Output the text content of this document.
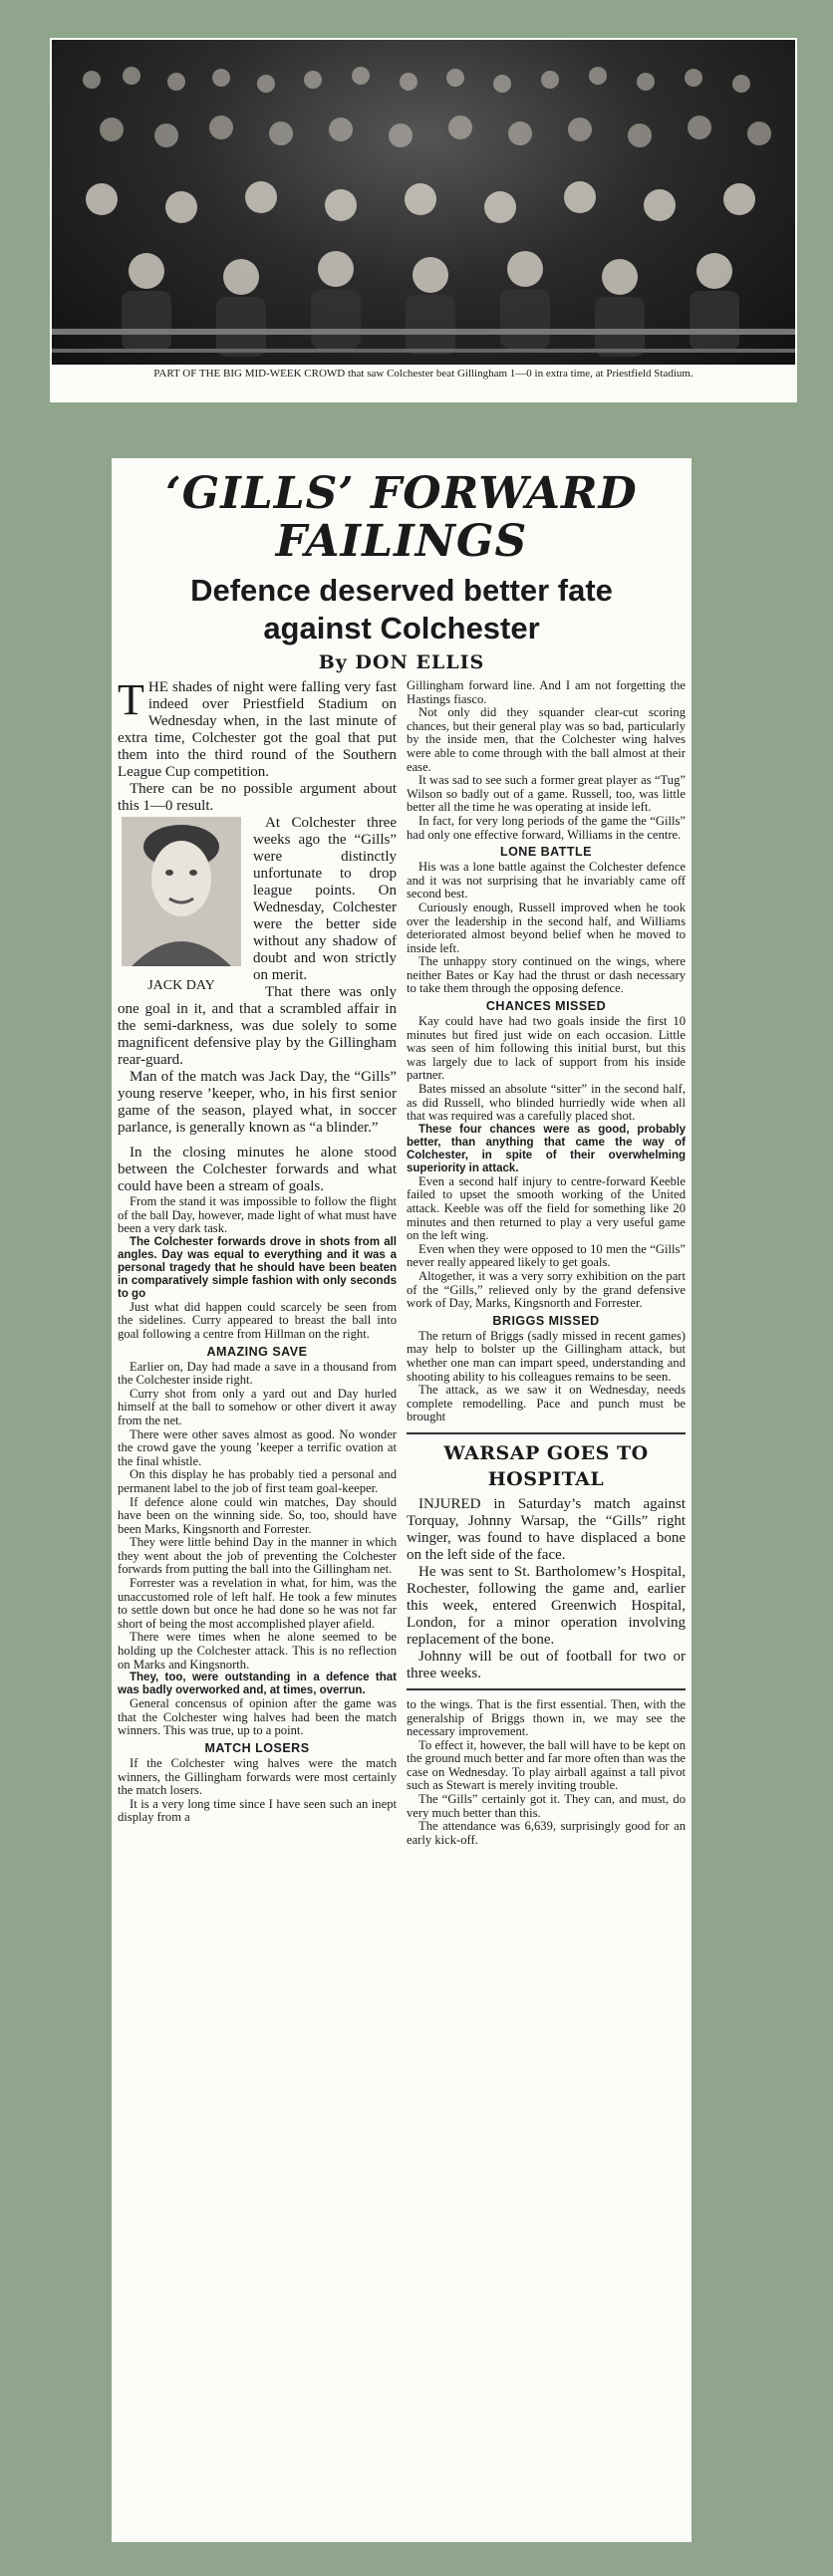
PART OF THE BIG MID-WEEK CROWD that saw Colchester beat Gillingham 1—0 in extra time, at Priestfield Stadium.
‘GILLS’ FORWARD
FAILINGS
Defence deserved better fate
against Colchester
By DON ELLIS

THE shades of night were falling very fast indeed over Priestfield Stadium on Wednesday when, in the last minute of extra time, Colchester got the goal that put them into the third round of the Southern League Cup competition.

There can be no possible argument about this 1—0 result.

JACK DAY

At Colchester three weeks ago the “Gills” were distinctly unfortunate to drop league points. On Wednesday, Colchester were the better side without any shadow of doubt and won strictly on merit.

That there was only one goal in it, and that a scrambled affair in the semi-darkness, was due solely to some magnificent defensive play by the Gillingham rear-guard.

Man of the match was Jack Day, the “Gills” young reserve ’keeper, who, in his first senior game of the season, played what, in soccer parlance, is generally known as “a blinder.”

In the closing minutes he alone stood between the Colchester forwards and what could have been a stream of goals.

From the stand it was impossible to follow the flight of the ball Day, however, made light of what must have been a very dark task.

The Colchester forwards drove in shots from all angles. Day was equal to everything and it was a personal tragedy that he should have been beaten in comparatively simple fashion with only seconds to go

Just what did happen could scarcely be seen from the sidelines. Curry appeared to breast the ball into goal following a centre from Hillman on the right.

AMAZING SAVE

Earlier on, Day had made a save in a thousand from the Colchester inside right.

Curry shot from only a yard out and Day hurled himself at the ball to somehow or other divert it away from the net.

There were other saves almost as good. No wonder the crowd gave the young ’keeper a terrific ovation at the final whistle.

On this display he has probably tied a personal and permanent label to the job of first team goal-keeper.

If defence alone could win matches, Day should have been on the winning side. So, too, should have been Marks, Kingsnorth and Forrester.

They were little behind Day in the manner in which they went about the job of preventing the Colchester forwards from putting the ball into the Gillingham net.

Forrester was a revelation in what, for him, was the unaccustomed role of left half. He took a few minutes to settle down but once he had done so he was not far short of being the most accomplished player afield.

There were times when he alone seemed to be holding up the Colchester attack. This is no reflection on Marks and Kingsnorth.

They, too, were outstanding in a defence that was badly overworked and, at times, overrun.

General concensus of opinion after the game was that the Colchester wing halves had been the match winners. This was true, up to a point.

MATCH LOSERS

If the Colchester wing halves were the match winners, the Gillingham forwards were most certainly the match losers.

It is a very long time since I have seen such an inept display from a

Gillingham forward line. And I am not forgetting the Hastings fiasco.

Not only did they squander clear-cut scoring chances, but their general play was so bad, particularly by the inside men, that the Colchester wing halves were able to come through with the ball almost at their ease.

It was sad to see such a former great player as “Tug” Wilson so badly out of a game. Russell, too, was little better all the time he was operating at inside left.

In fact, for very long periods of the game the “Gills” had only one effective forward, Williams in the centre.

LONE BATTLE

His was a lone battle against the Colchester defence and it was not surprising that he invariably came off second best.

Curiously enough, Russell improved when he took over the leadership in the second half, and Williams deteriorated almost beyond belief when he moved to inside left.

The unhappy story continued on the wings, where neither Bates or Kay had the thrust or dash necessary to take them through the opposing defence.

CHANCES MISSED

Kay could have had two goals inside the first 10 minutes but fired just wide on each occasion. Little was seen of him following this initial burst, but this was largely due to lack of support from his inside partner.

Bates missed an absolute “sitter” in the second half, as did Russell, who blinded hurriedly wide when all that was required was a carefully placed shot.

These four chances were as good, probably better, than anything that came the way of Colchester, in spite of their overwhelming superiority in attack.

Even a second half injury to centre-forward Keeble failed to upset the smooth working of the United attack. Keeble was off the field for something like 20 minutes and then returned to play a very useful game on the left wing.

Even when they were opposed to 10 men the “Gills” never really appeared likely to get goals.

Altogether, it was a very sorry exhibition on the part of the “Gills,” relieved only by the grand defensive work of Day, Marks, Kingsnorth and Forrester.

BRIGGS MISSED

The return of Briggs (sadly missed in recent games) may help to bolster up the Gillingham attack, but whether one man can impart speed, understanding and shooting ability to his colleagues remains to be seen.

The attack, as we saw it on Wednesday, needs complete remodelling. Pace and punch must be brought

WARSAP GOES TO
HOSPITAL

INJURED in Saturday’s match against Torquay, Johnny Warsap, the “Gills” right winger, was found to have displaced a bone on the left side of the face.

He was sent to St. Bartholomew’s Hospital, Rochester, following the game and, earlier this week, entered Greenwich Hospital, London, for a minor operation involving replacement of the bone.

Johnny will be out of football for two or three weeks.

to the wings. That is the first essential. Then, with the generalship of Briggs thown in, we may see the necessary improvement.

To effect it, however, the ball will have to be kept on the ground much better and far more often than was the case on Wednesday. To play airball against a tall pivot such as Stewart is merely inviting trouble.

The “Gills” certainly got it. They can, and must, do very much better than this.

The attendance was 6,639, surprisingly good for an early kick-off.
